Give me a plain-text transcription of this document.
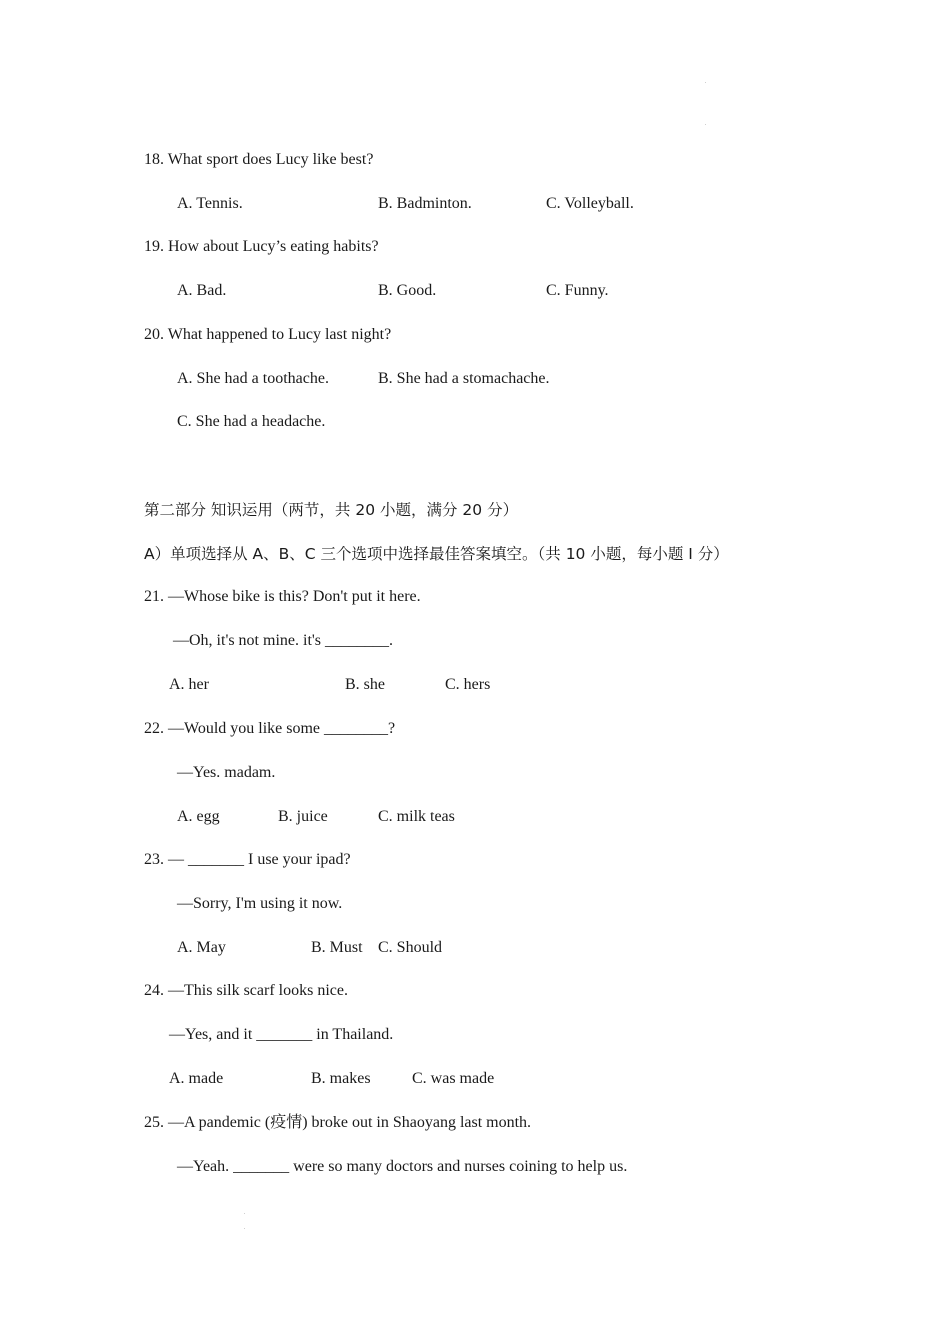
18. What sport does Lucy like best?
A. Tennis.	B. Badminton.	C. Volleyball.
19. How about Lucy’s eating habits?
A. Bad.	B. Good.	C. Funny.
20. What happened to Lucy last night?
A. She had a toothache.	B. She had a stomachache.
C. She had a headache.
第二部分 知识运用（两节，共 20 小题，满分 20 分）
A）单项选择从 A、B、C 三个选项中选择最佳答案填空。（共 10 小题，每小题 I 分）
21. —Whose bike is this? Don't put it here.
—Oh, it's not mine. it's ________.
A. her	B. she	C. hers
22. —Would you like some ________?
—Yes. madam.
A. egg	B. juice	C. milk teas
23. — _______ I use your ipad?
—Sorry, I'm using it now.
A. May	B. Must C. Should
24. —This silk scarf looks nice.
—Yes, and it _______ in Thailand.
A. made	B. makes	C. was made
25. —A pandemic (疫情) broke out in Shaoyang last month.
—Yeah. _______ were so many doctors and nurses coining to help us.
